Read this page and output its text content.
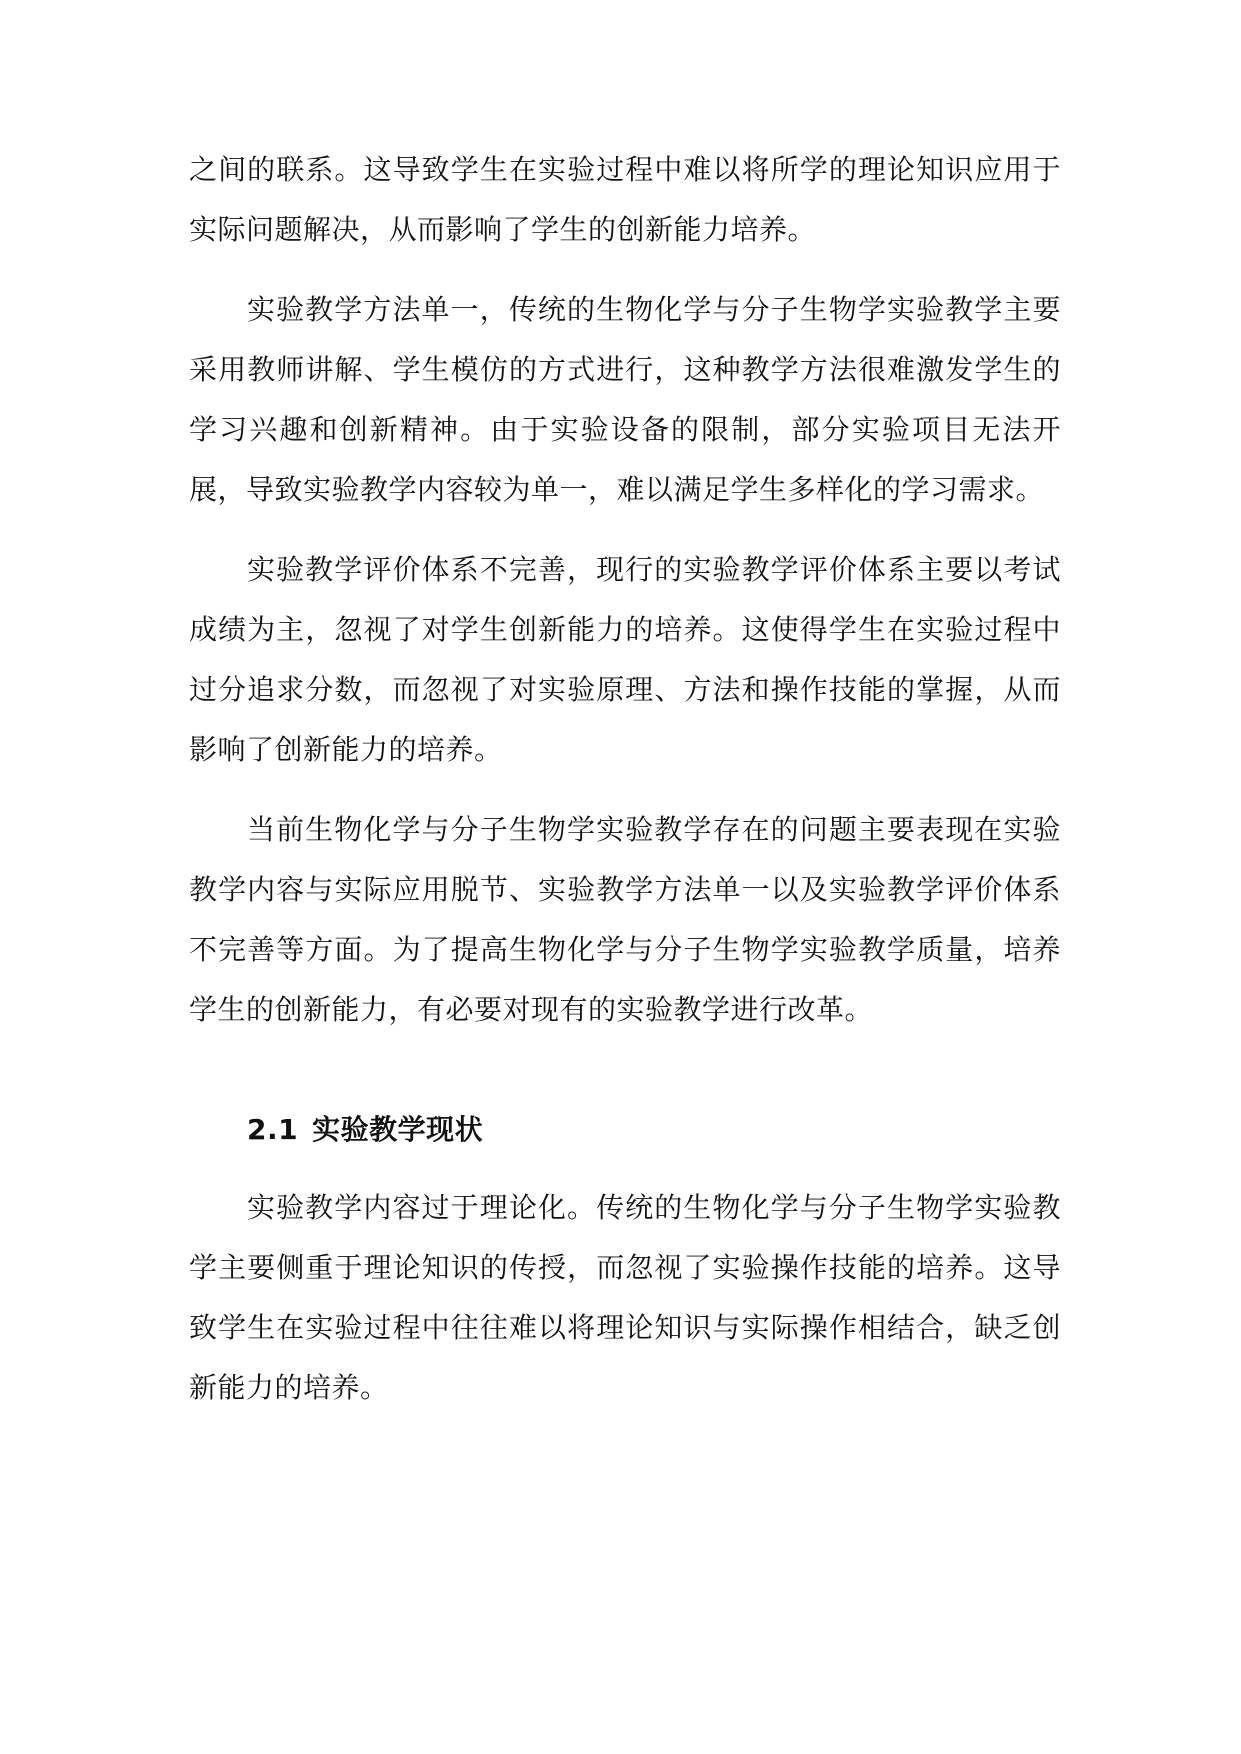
之间的联系。这导致学生在实验过程中难以将所学的理论知识应用于实际问题解决，从而影响了学生的创新能力培养。

实验教学方法单一，传统的生物化学与分子生物学实验教学主要采用教师讲解、学生模仿的方式进行，这种教学方法很难激发学生的学习兴趣和创新精神。由于实验设备的限制，部分实验项目无法开展，导致实验教学内容较为单一，难以满足学生多样化的学习需求。

实验教学评价体系不完善，现行的实验教学评价体系主要以考试成绩为主，忽视了对学生创新能力的培养。这使得学生在实验过程中过分追求分数，而忽视了对实验原理、方法和操作技能的掌握，从而影响了创新能力的培养。

当前生物化学与分子生物学实验教学存在的问题主要表现在实验教学内容与实际应用脱节、实验教学方法单一以及实验教学评价体系不完善等方面。为了提高生物化学与分子生物学实验教学质量，培养学生的创新能力，有必要对现有的实验教学进行改革。

2.1 实验教学现状

实验教学内容过于理论化。传统的生物化学与分子生物学实验教学主要侧重于理论知识的传授，而忽视了实验操作技能的培养。这导致学生在实验过程中往往难以将理论知识与实际操作相结合，缺乏创新能力的培养。
